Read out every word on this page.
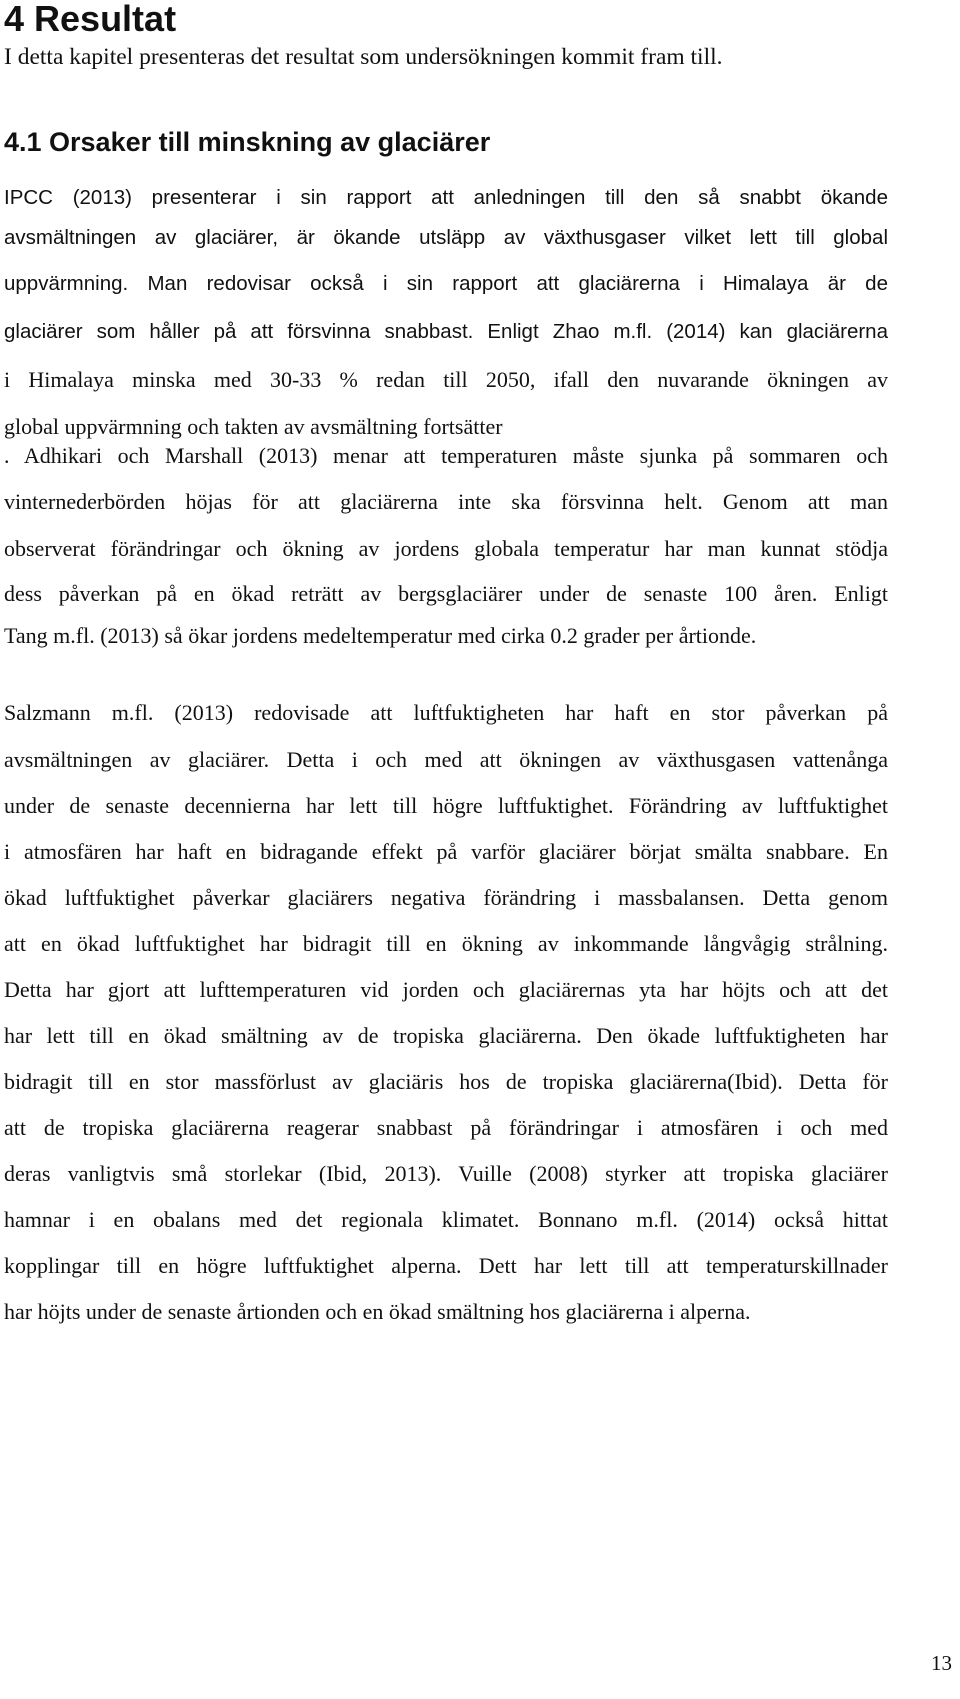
4 Resultat
I detta kapitel presenteras det resultat som undersökningen kommit fram till.
4.1 Orsaker till minskning av glaciärer
IPCC (2013) presenterar i sin rapport att anledningen till den så snabbt ökande
avsmältningen av glaciärer, är ökande utsläpp av växthusgaser vilket lett till global
uppvärmning. Man redovisar också i sin rapport att glaciärerna i Himalaya är de
glaciärer som håller på att försvinna snabbast. Enligt Zhao m.fl. (2014) kan glaciärerna
i Himalaya minska med 30-33 % redan till 2050, ifall den nuvarande ökningen av
global uppvärmning och takten av avsmältning fortsätter
. Adhikari och Marshall (2013) menar att temperaturen måste sjunka på sommaren och
vinternederbörden höjas för att glaciärerna inte ska försvinna helt. Genom att man
observerat förändringar och ökning av jordens globala temperatur har man kunnat stödja
dess påverkan på en ökad reträtt av bergsglaciärer under de senaste 100 åren. Enligt
Tang m.fl. (2013) så ökar jordens medeltemperatur med cirka 0.2 grader per årtionde.
Salzmann m.fl. (2013) redovisade att luftfuktigheten har haft en stor påverkan på
avsmältningen av glaciärer. Detta i och med att ökningen av växthusgasen vattenånga
under de senaste decennierna har lett till högre luftfuktighet. Förändring av luftfuktighet
i atmosfären har haft en bidragande effekt på varför glaciärer börjat smälta snabbare. En
ökad luftfuktighet påverkar glaciärers negativa förändring i massbalansen. Detta genom
att en ökad luftfuktighet har bidragit till en ökning av inkommande långvågig strålning.
Detta har gjort att lufttemperaturen vid jorden och glaciärernas yta har höjts och att det
har lett till en ökad smältning av de tropiska glaciärerna. Den ökade luftfuktigheten har
bidragit till en stor massförlust av glaciäris hos de tropiska glaciärerna(Ibid). Detta för
att de tropiska glaciärerna reagerar snabbast på förändringar i atmosfären i och med
deras vanligtvis små storlekar (Ibid, 2013). Vuille (2008) styrker att tropiska glaciärer
hamnar i en obalans med det regionala klimatet. Bonnano m.fl. (2014) också hittat
kopplingar till en högre luftfuktighet alperna. Dett har lett till att temperaturskillnader
har höjts under de senaste årtionden och en ökad smältning hos glaciärerna i alperna.
13
